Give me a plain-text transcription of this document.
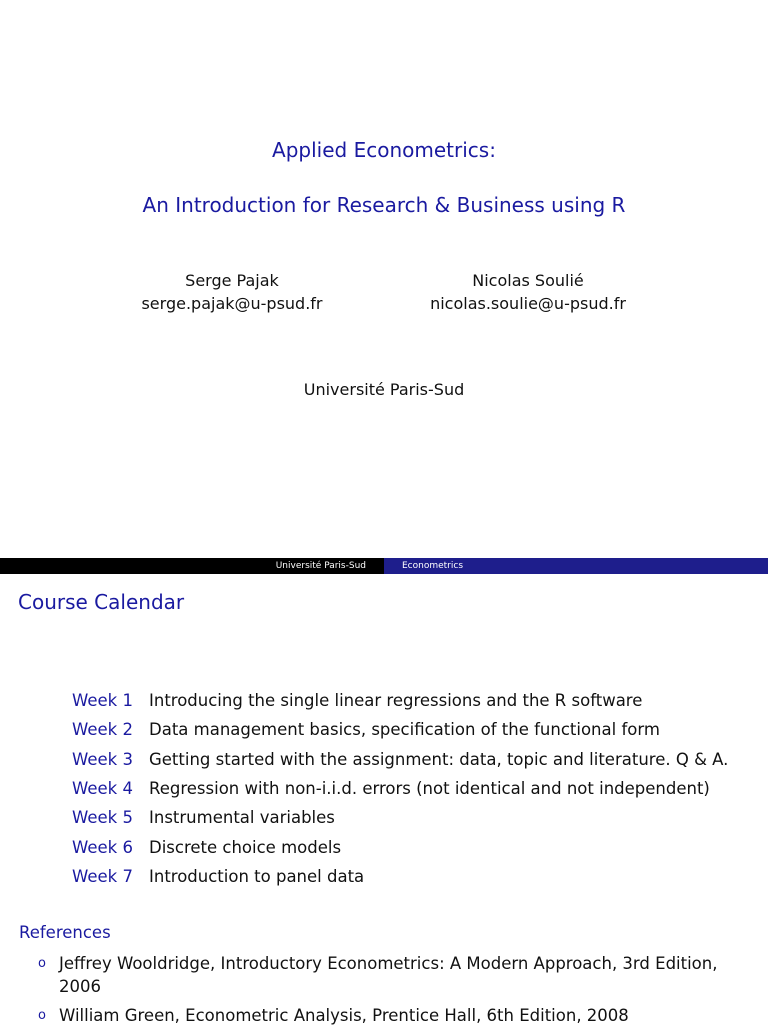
Applied Econometrics:
An Introduction for Research & Business using R
Serge Pajak
serge.pajak@u-psud.fr
Nicolas Soulié
nicolas.soulie@u-psud.fr
Université Paris-Sud
Université Paris-Sud	Econometrics
Course Calendar
Week 1 Introducing the single linear regressions and the R software
Week 2 Data management basics, specification of the functional form
Week 3 Getting started with the assignment: data, topic and literature. Q & A.
Week 4 Regression with non-i.i.d. errors (not identical and not independent)
Week 5 Instrumental variables
Week 6 Discrete choice models
Week 7 Introduction to panel data
References
o Jeffrey Wooldridge, Introductory Econometrics: A Modern Approach, 3rd Edition, 2006
o William Green, Econometric Analysis, Prentice Hall, 6th Edition, 2008
